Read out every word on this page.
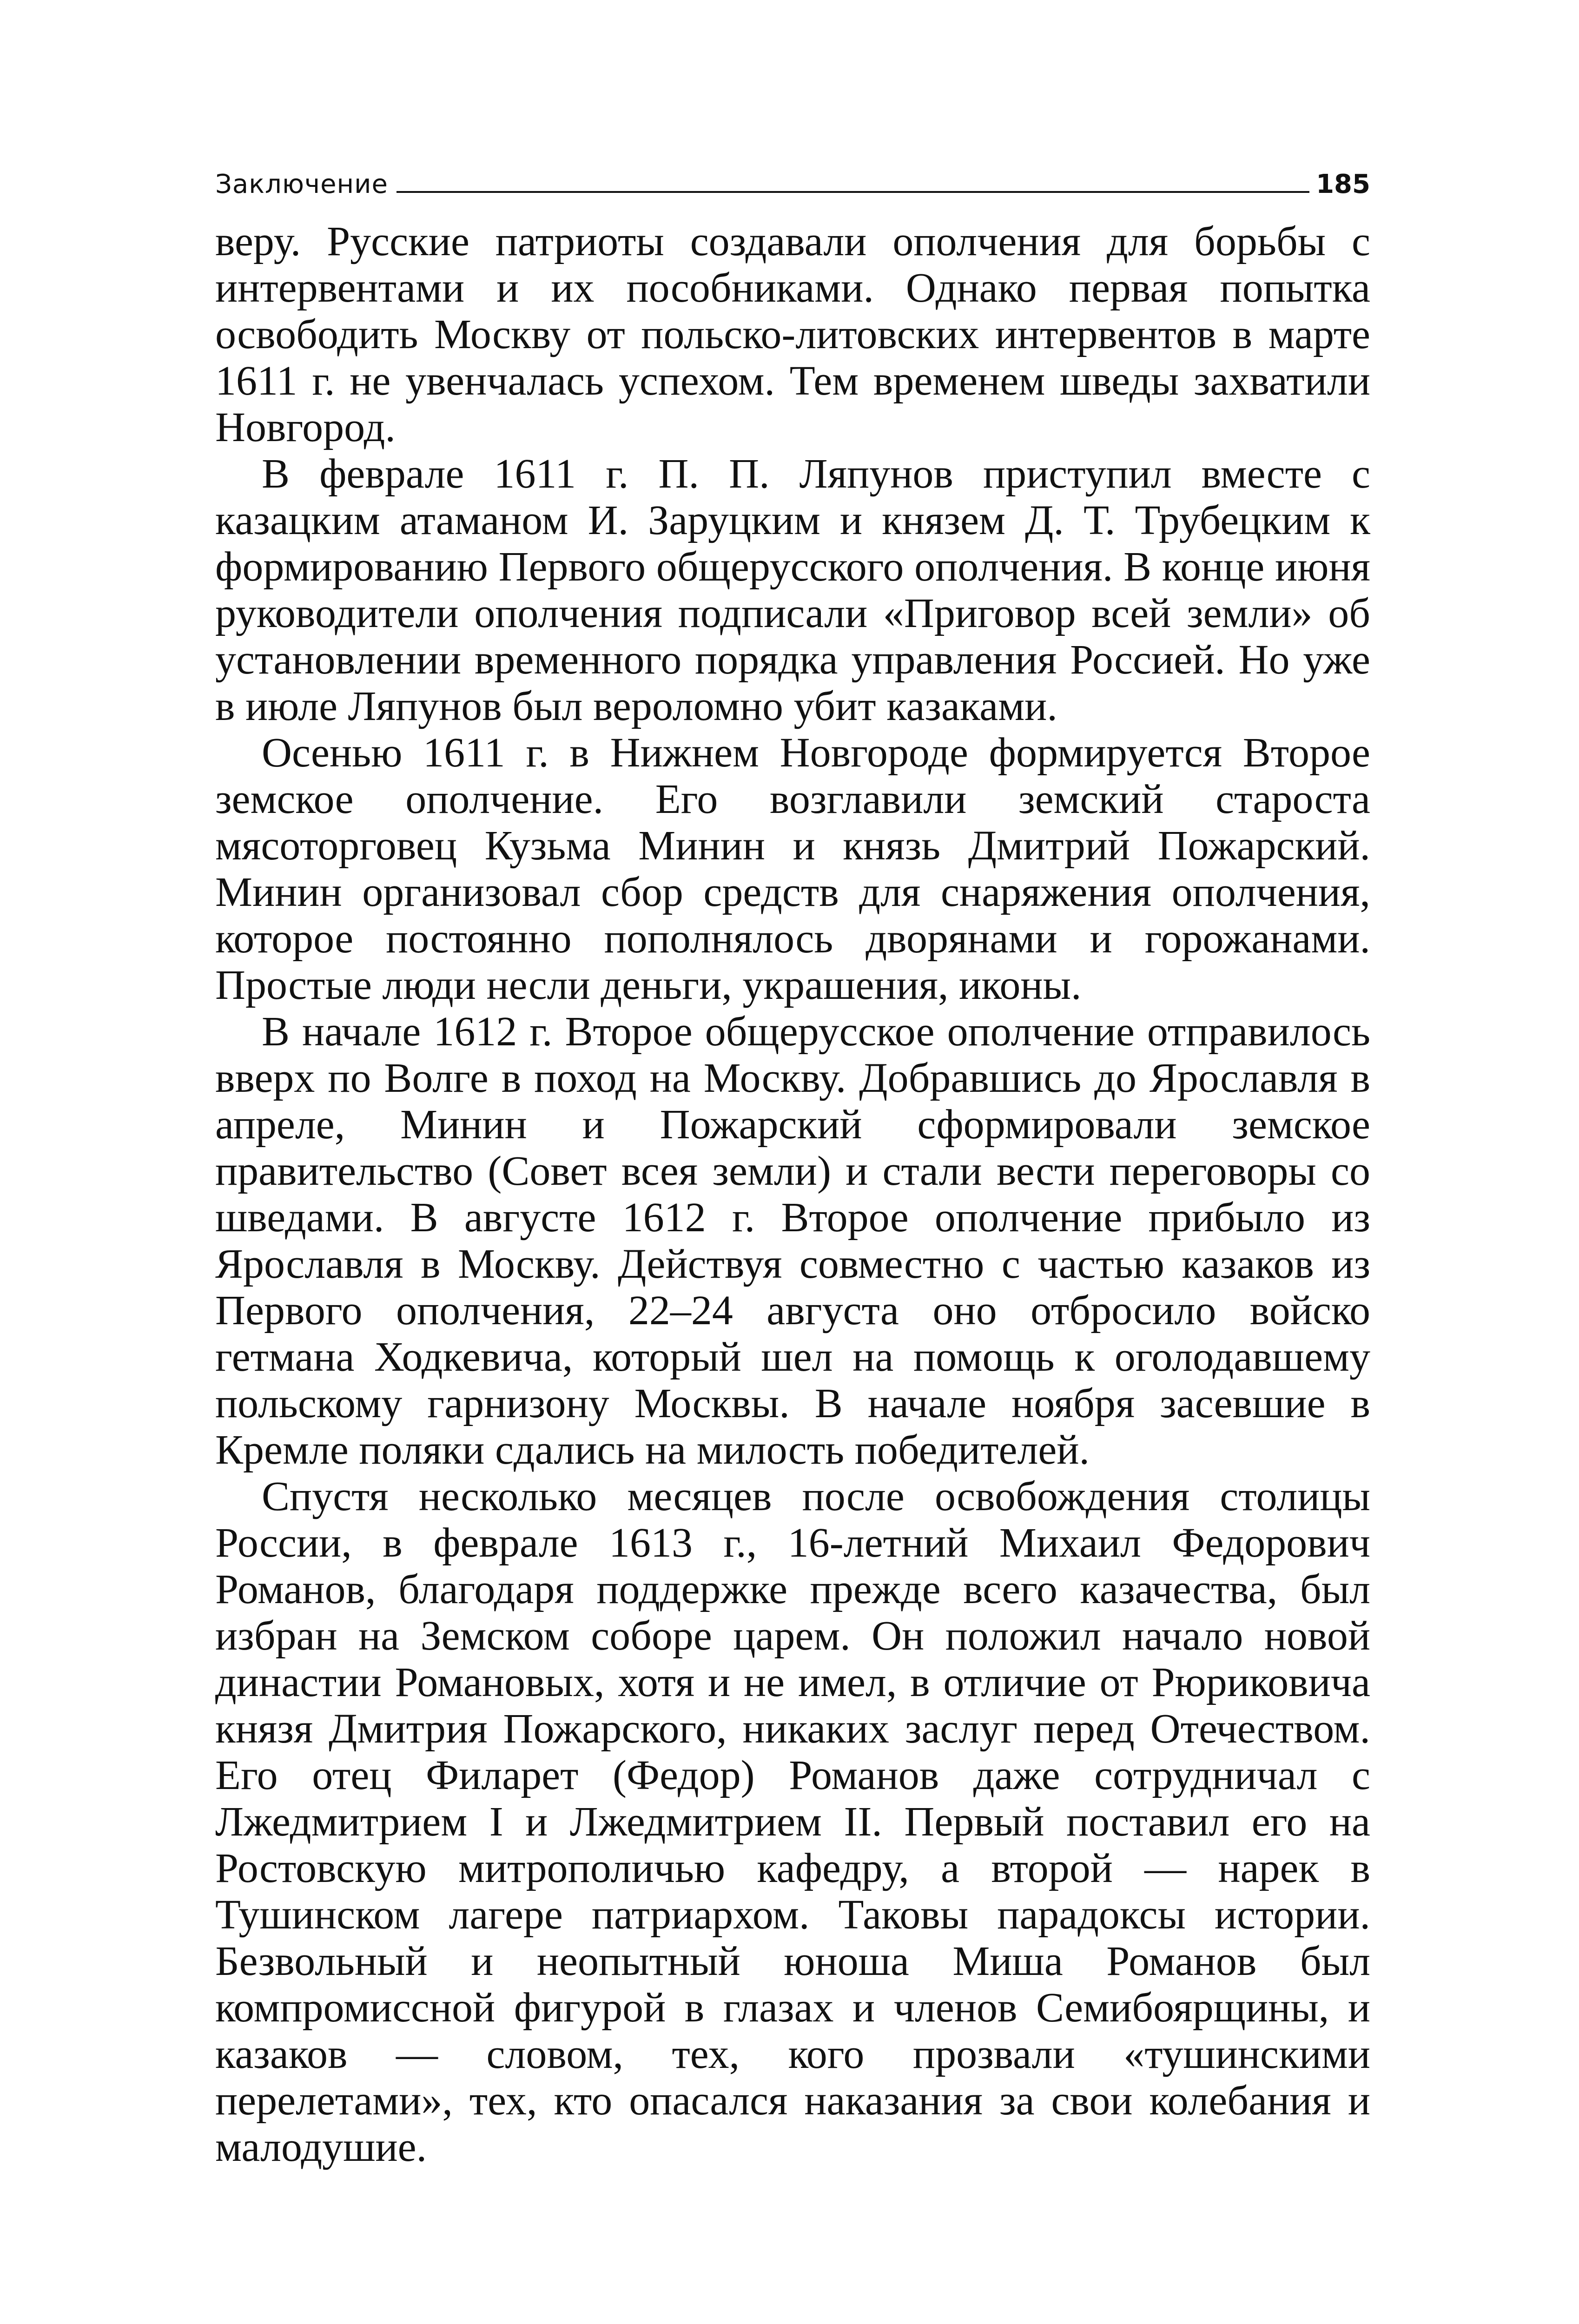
Заключение	185

веру. Русские патриоты создавали ополчения для борьбы с интервентами и их пособниками. Однако первая попытка освободить Москву от польско-литовских интервентов в марте 1611 г. не увенчалась успехом. Тем временем шведы захватили Новгород.

В феврале 1611 г. П. П. Ляпунов приступил вместе с казацким атаманом И. Заруцким и князем Д. Т. Трубецким к формированию Первого общерусского ополчения. В конце июня руководители ополчения подписали «Приговор всей земли» об установлении временного порядка управления Россией. Но уже в июле Ляпунов был вероломно убит казаками.

Осенью 1611 г. в Нижнем Новгороде формируется Второе земское ополчение. Его возглавили земский староста мясоторговец Кузьма Минин и князь Дмитрий Пожарский. Минин организовал сбор средств для снаряжения ополчения, которое постоянно пополнялось дворянами и горожанами. Простые люди несли деньги, украшения, иконы.

В начале 1612 г. Второе общерусское ополчение отправилось вверх по Волге в поход на Москву. Добравшись до Ярославля в апреле, Минин и Пожарский сформировали земское правительство (Совет всея земли) и стали вести переговоры со шведами. В августе 1612 г. Второе ополчение прибыло из Ярославля в Москву. Действуя совместно с частью казаков из Первого ополчения, 22–24 августа оно отбросило войско гетмана Ходкевича, который шел на помощь к оголодавшему польскому гарнизону Москвы. В начале ноября засевшие в Кремле поляки сдались на милость победителей.

Спустя несколько месяцев после освобождения столицы России, в феврале 1613 г., 16-летний Михаил Федорович Романов, благодаря поддержке прежде всего казачества, был избран на Земском соборе царем. Он положил начало новой династии Романовых, хотя и не имел, в отличие от Рюриковича князя Дмитрия Пожарского, никаких заслуг перед Отечеством. Его отец Филарет (Федор) Романов даже сотрудничал с Лжедмитрием I и Лжедмитрием II. Первый поставил его на Ростовскую митрополичью кафедру, а второй — нарек в Тушинском лагере патриархом. Таковы парадоксы истории. Безвольный и неопытный юноша Миша Романов был компромиссной фигурой в глазах и членов Семибоярщины, и казаков — словом, тех, кого прозвали «тушинскими перелетами», тех, кто опасался наказания за свои колебания и малодушие.
